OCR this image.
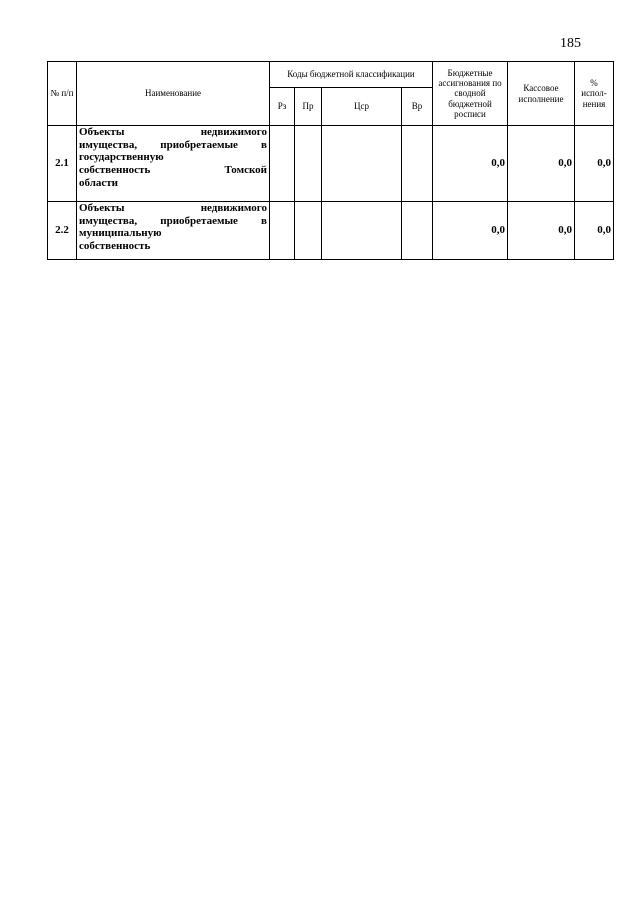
185
№ п/п	Наименование	Коды бюджетной классификации				Бюджетные ассигнования по сводной бюджетной росписи	Кассовое исполнение	% испол-нения
		Рз	Пр	Цср	Вр			
2.1	Объекты недвижимого
имущества, приобретаемые в
государственную
собственность Томской
области					0,0	0,0	0,0
2.2	Объекты недвижимого
имущества, приобретаемые в
муниципальную
собственность					0,0	0,0	0,0
